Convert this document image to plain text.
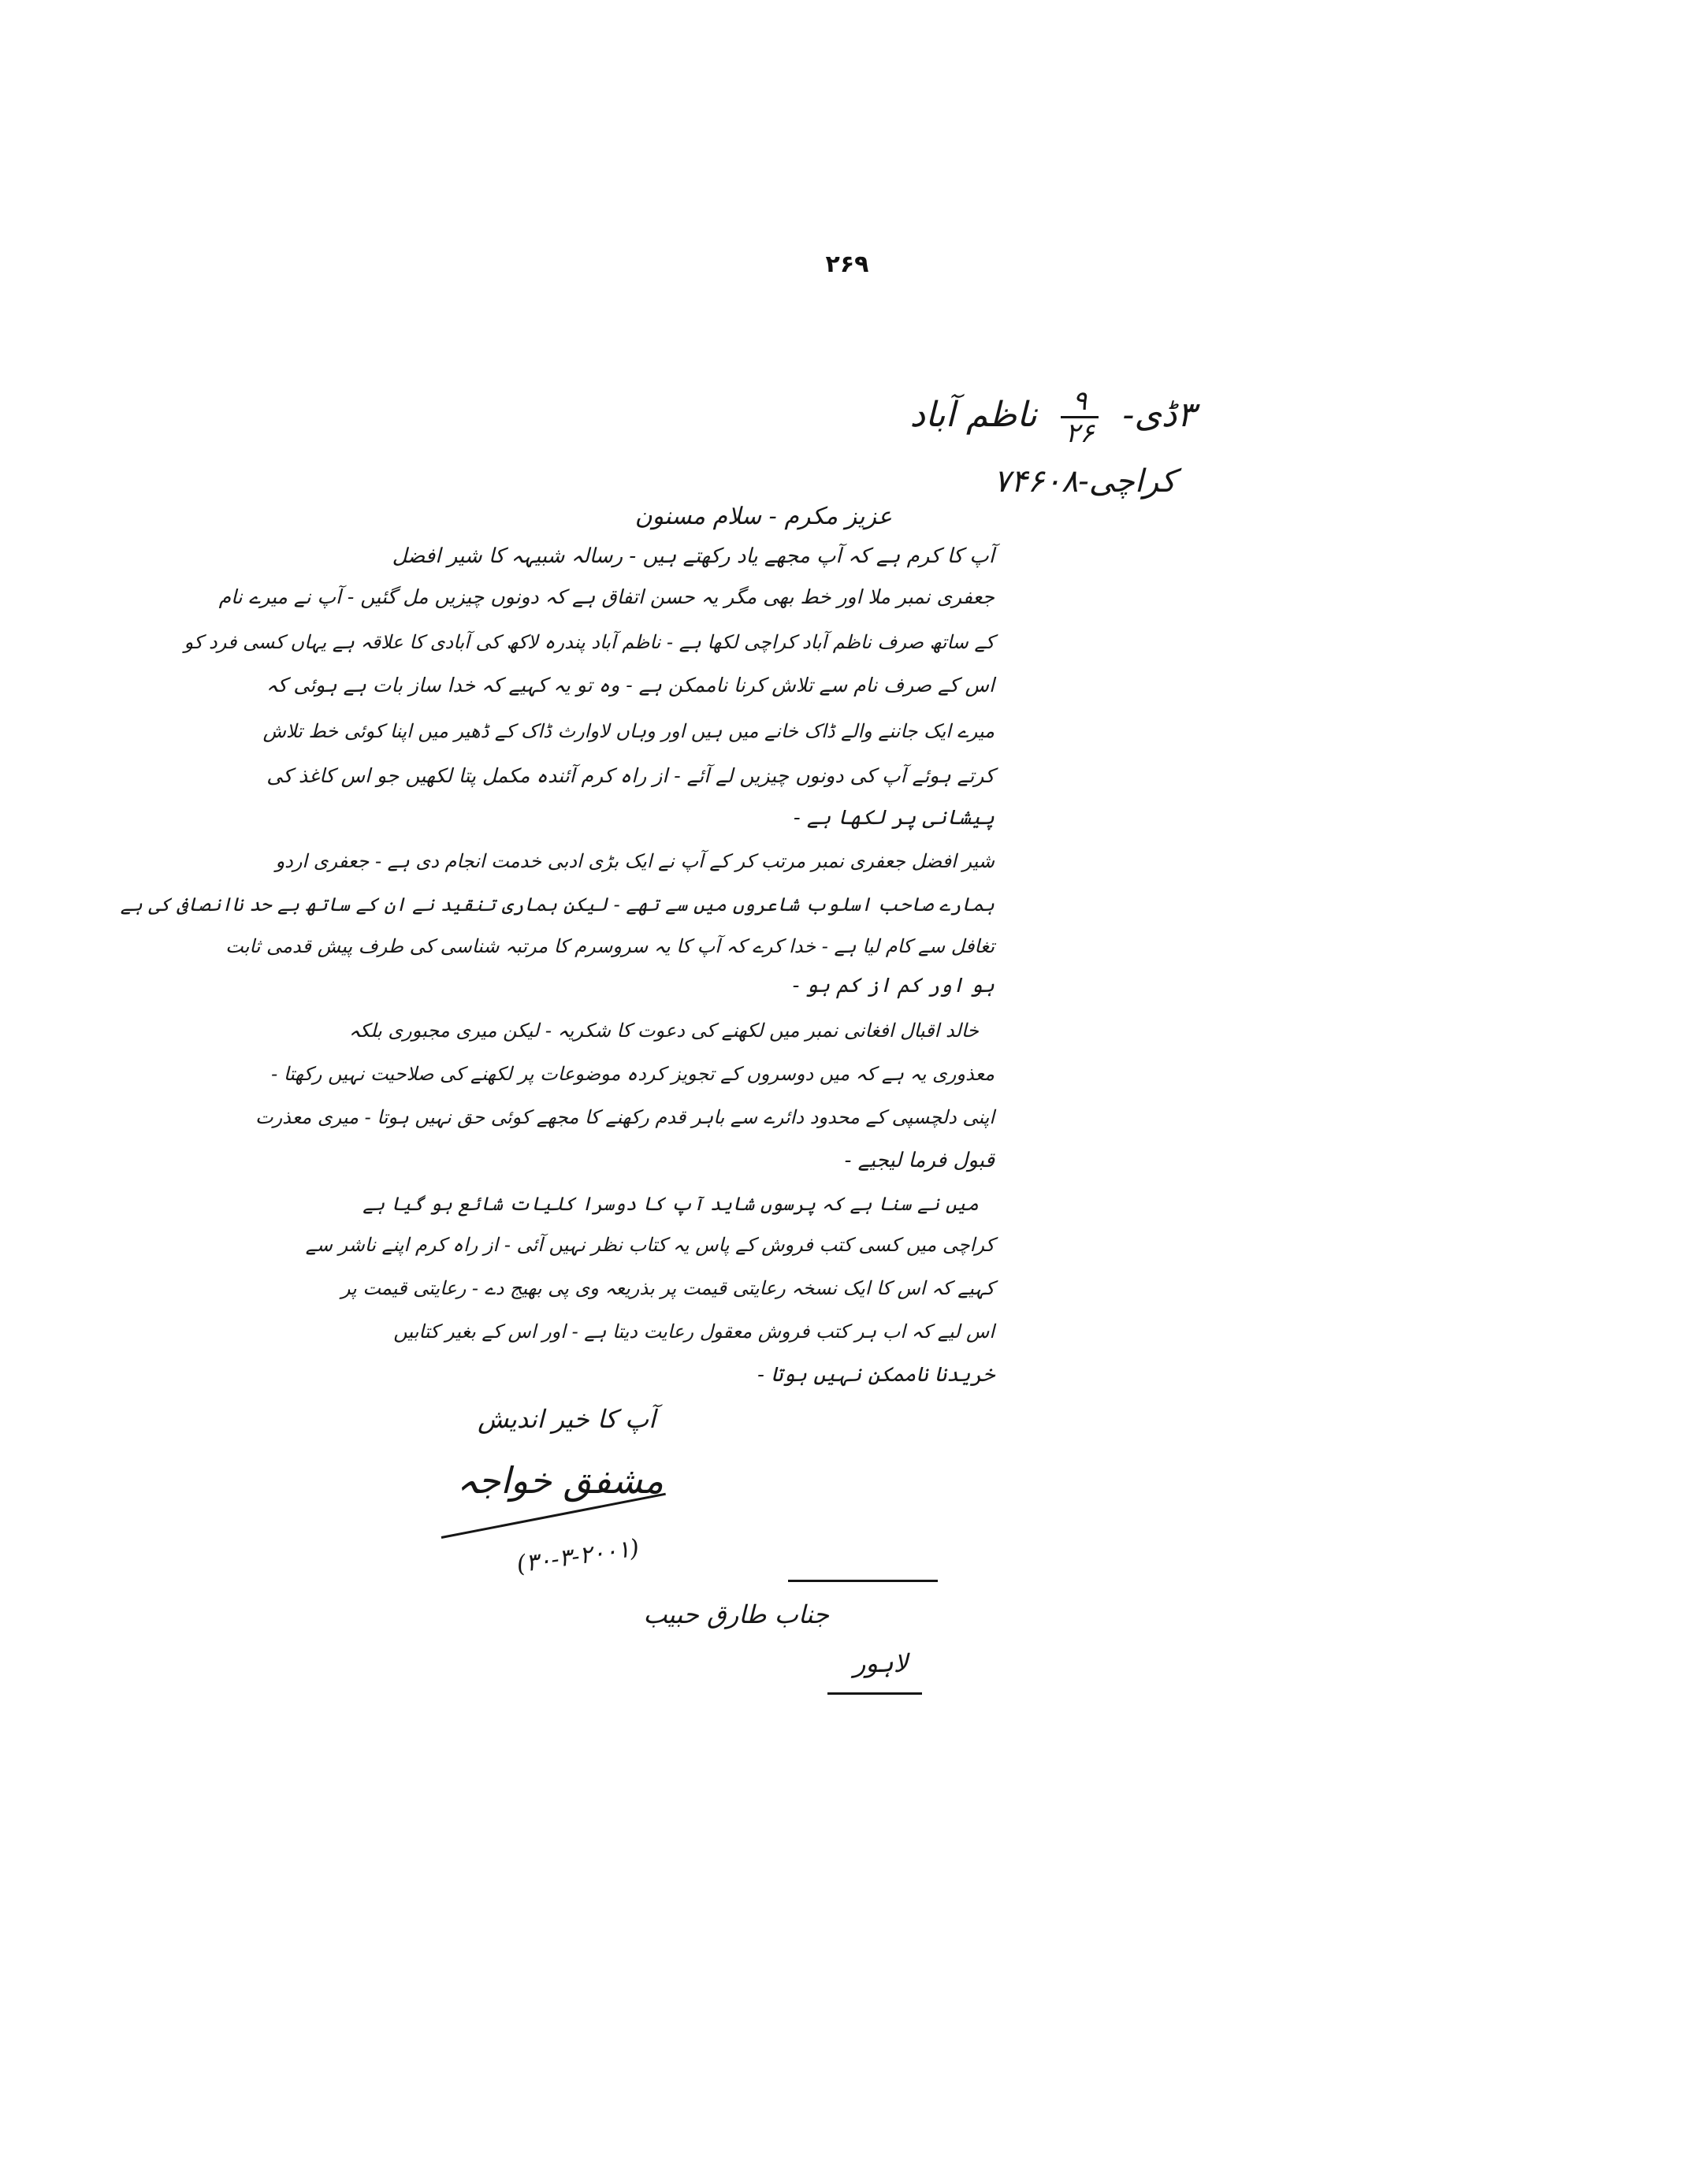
۲۶۹
۳ڈی-
$\frac{۹}{۲۶}$
ناظم آباد
کراچی-۷۴۶۰۸
عزیز مکرم - سلام مسنون
آپ کا کرم ہے کہ آپ مجھے یاد رکھتے ہیں - رسالہ شبیہہ کا شیر افضل
جعفری نمبر ملا اور خط بھی مگر یہ حسن اتفاق ہے کہ دونوں چیزیں مل گئیں - آپ نے میرے نام
کے ساتھ صرف ناظم آباد کراچی لکھا ہے - ناظم آباد پندرہ لاکھ کی آبادی کا علاقہ ہے یہاں کسی فرد کو
اس کے صرف نام سے تلاش کرنا ناممکن ہے - وہ تو یہ کہیے کہ خدا ساز بات ہے ہوئی کہ
میرے ایک جاننے والے ڈاک خانے میں ہیں اور وہاں لاوارث ڈاک کے ڈھیر میں اپنا کوئی خط تلاش
کرتے ہوئے آپ کی دونوں چیزیں لے آئے - از راہ کرم آئندہ مکمل پتا لکھیں جو اس کاغذ کی
پیشانی پر لکھا ہے -
شیر افضل جعفری نمبر مرتب کر کے آپ نے ایک بڑی ادبی خدمت انجام دی ہے - جعفری اردو
ہمارے صاحب اسلوب شاعروں میں سے تھے - لیکن ہماری تنقید نے ان کے ساتھ بے حد ناانصافی کی ہے
تغافل سے کام لیا ہے - خدا کرے کہ آپ کا یہ سروسرم کا مرتبہ شناسی کی طرف پیش قدمی ثابت
ہو اور کم از کم ہو -
خالد اقبال افغانی نمبر میں لکھنے کی دعوت کا شکریہ - لیکن میری مجبوری بلکہ
معذوری یہ ہے کہ میں دوسروں کے تجویز کردہ موضوعات پر لکھنے کی صلاحیت نہیں رکھتا -
اپنی دلچسپی کے محدود دائرے سے باہر قدم رکھنے کا مجھے کوئی حق نہیں ہوتا - میری معذرت
قبول فرما لیجیے -
میں نے سنا ہے کہ پرسوں شاید آپ کا دوسرا کلیات شائع ہو گیا ہے
کراچی میں کسی کتب فروش کے پاس یہ کتاب نظر نہیں آئی - از راہ کرم اپنے ناشر سے
کہیے کہ اس کا ایک نسخہ رعایتی قیمت پر بذریعہ وی پی بھیج دے - رعایتی قیمت پر
اس لیے کہ اب ہر کتب فروش معقول رعایت دیتا ہے - اور اس کے بغیر کتابیں
خریدنا ناممکن نہیں ہوتا -
آپ کا خیر اندیش
مشفق خواجہ
(۳۰-۳-۲۰۰۱)
جناب طارق حبیب
لاہور
